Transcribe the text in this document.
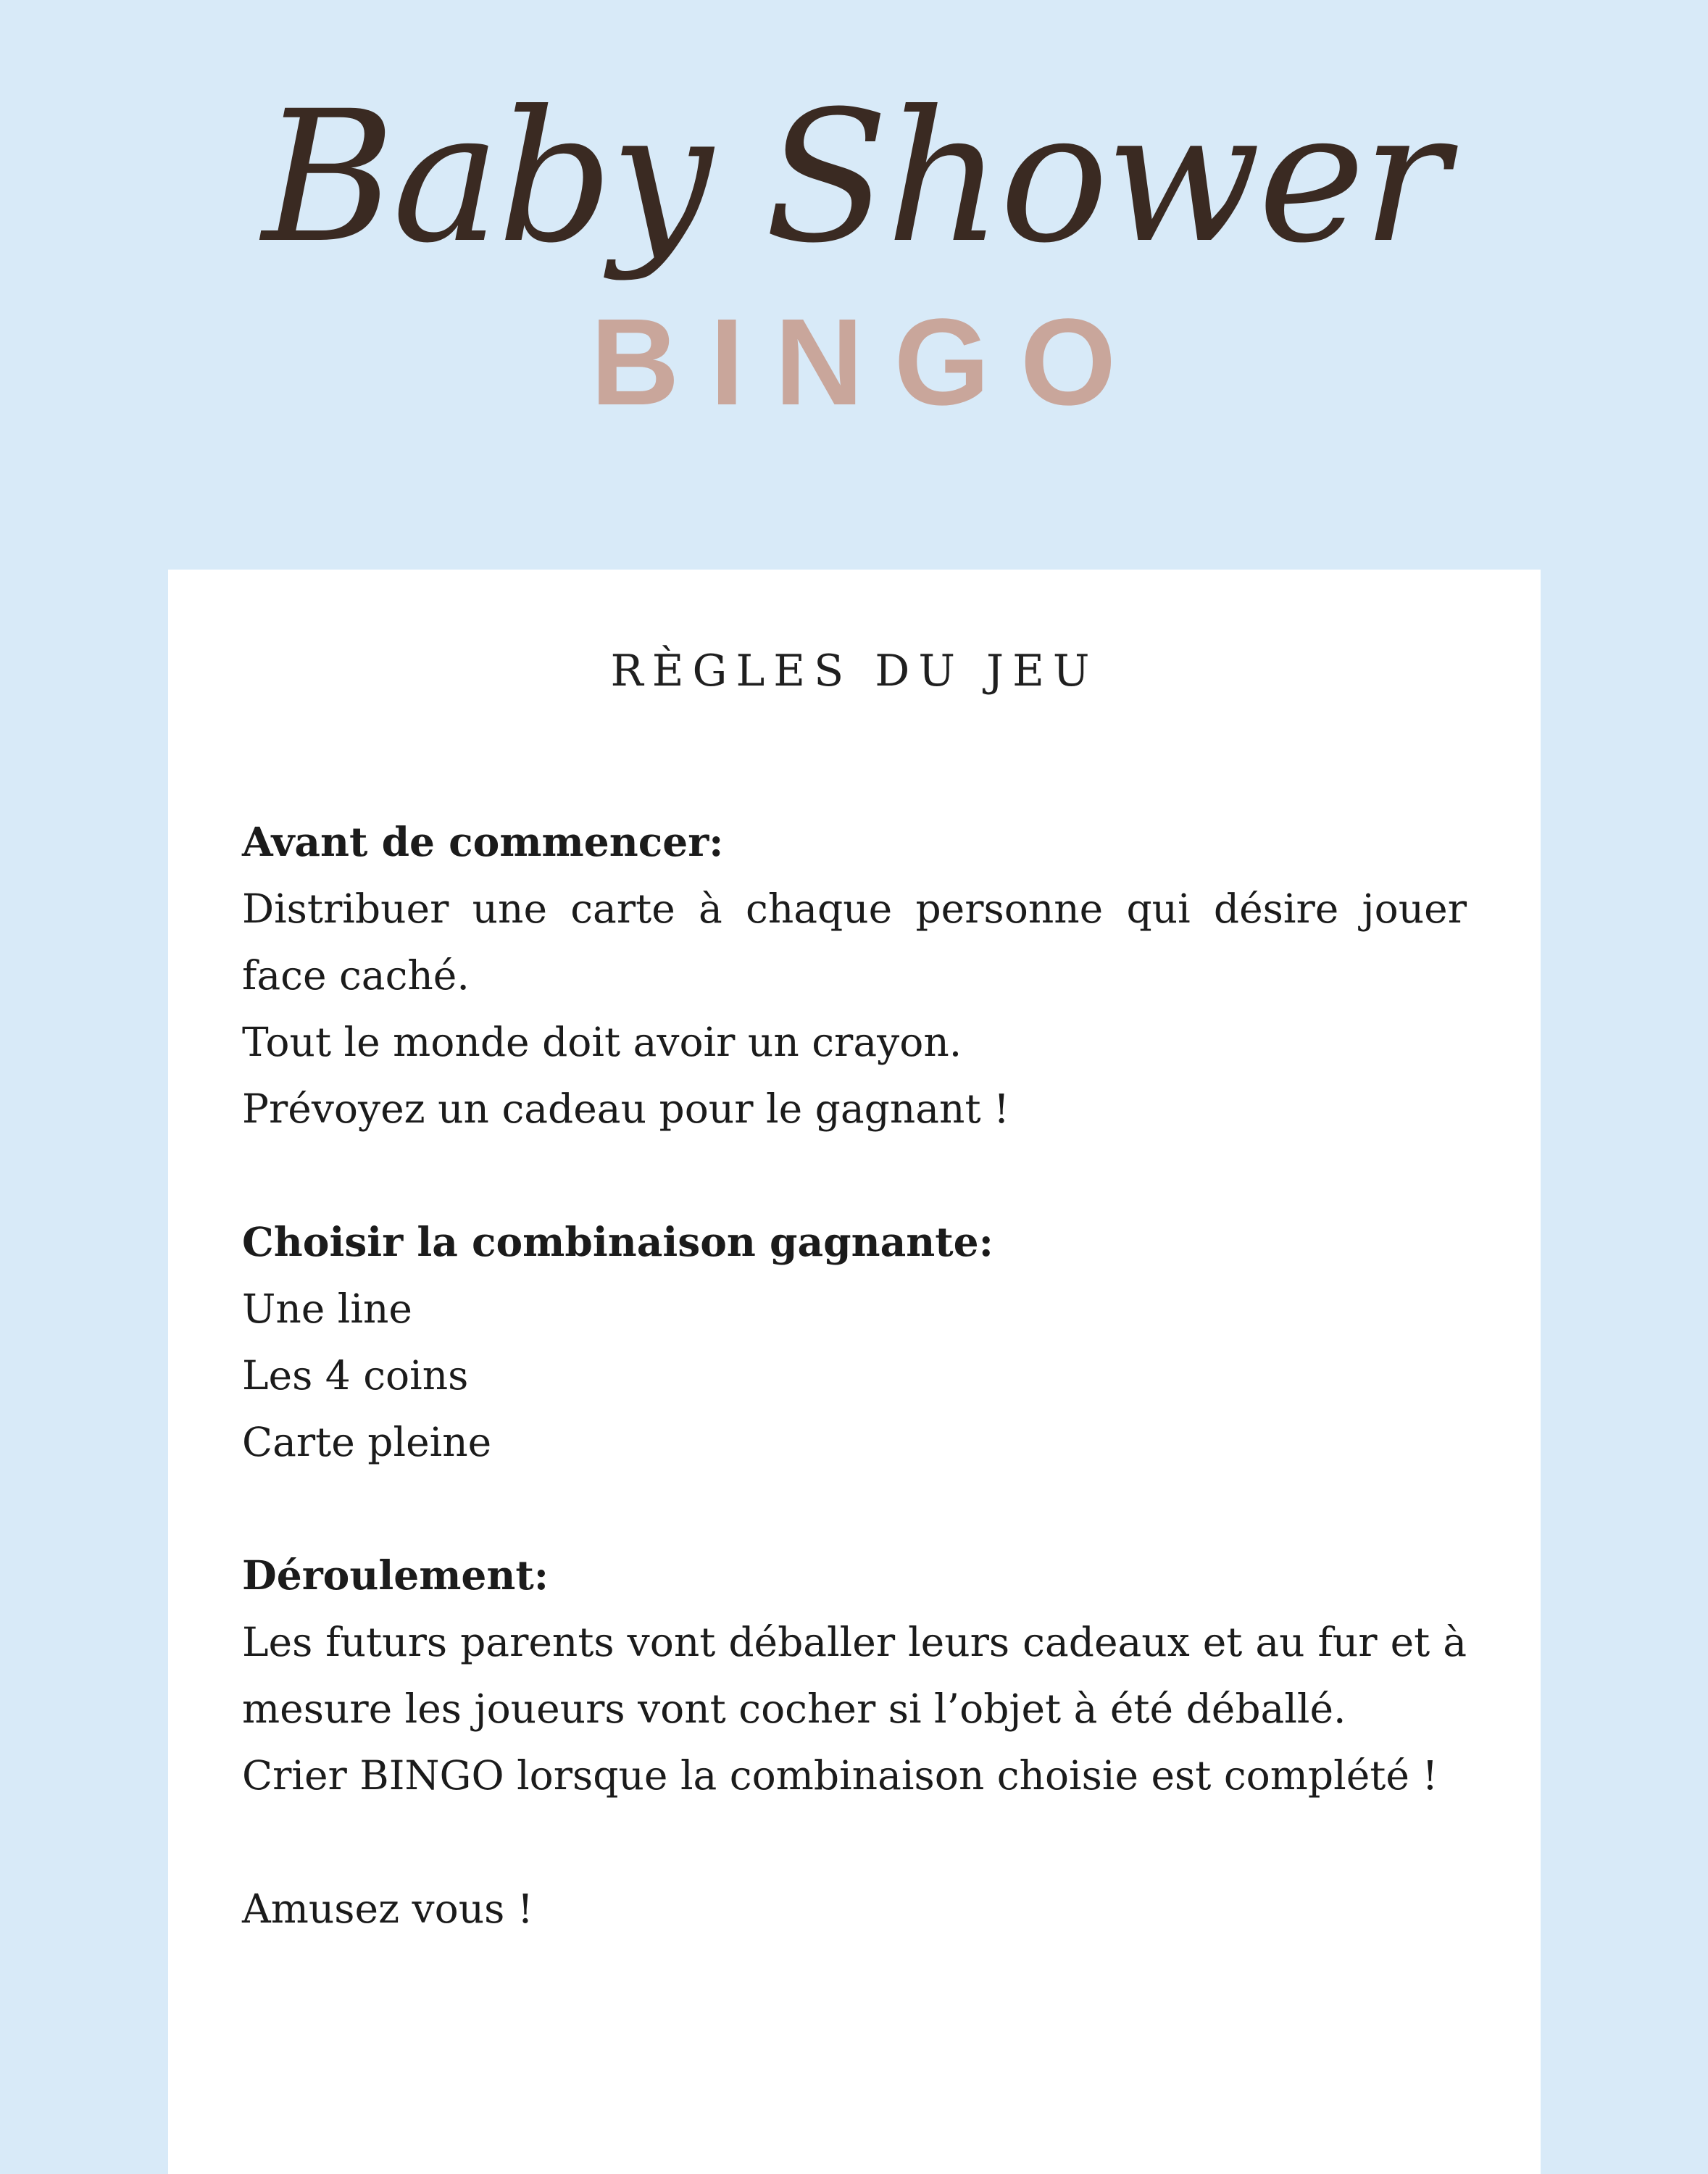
Baby Shower
BINGO
RÈGLES DU JEU
Avant de commencer:
Distribuer une carte à chaque personne qui désire jouer face caché.
Tout le monde doit avoir un crayon.
Prévoyez un cadeau pour le gagnant !
Choisir la combinaison gagnante:
Une line
Les 4 coins
Carte pleine
Déroulement:
Les futurs parents vont déballer leurs cadeaux et au fur et à mesure les joueurs vont cocher si l’objet à été déballé.
Crier BINGO lorsque la combinaison choisie est complété !
Amusez vous !
